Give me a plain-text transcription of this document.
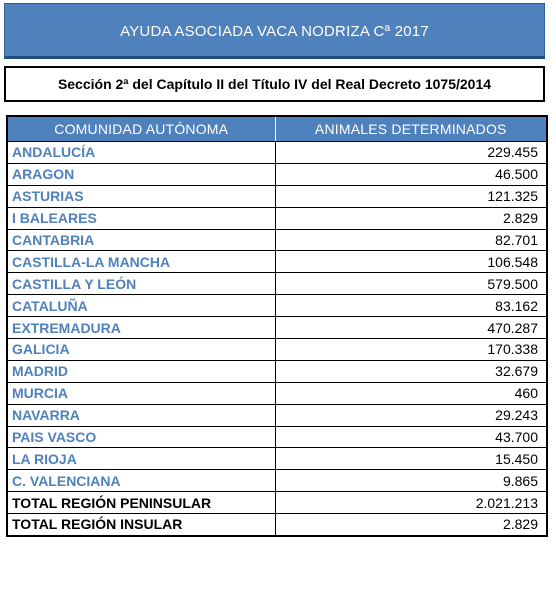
AYUDA ASOCIADA VACA NODRIZA Cª 2017
Sección 2ª del Capítulo II del Título IV del Real Decreto 1075/2014
COMUNIDAD AUTÓNOMA	ANIMALES DETERMINADOS
ANDALUCÍA	229.455
ARAGON	46.500
ASTURIAS	121.325
I BALEARES	2.829
CANTABRIA	82.701
CASTILLA-LA MANCHA	106.548
CASTILLA Y LEÓN	579.500
CATALUÑA	83.162
EXTREMADURA	470.287
GALICIA	170.338
MADRID	32.679
MURCIA	460
NAVARRA	29.243
PAIS VASCO	43.700
LA RIOJA	15.450
C. VALENCIANA	9.865
TOTAL REGIÓN PENINSULAR	2.021.213
TOTAL REGIÓN INSULAR	2.829
